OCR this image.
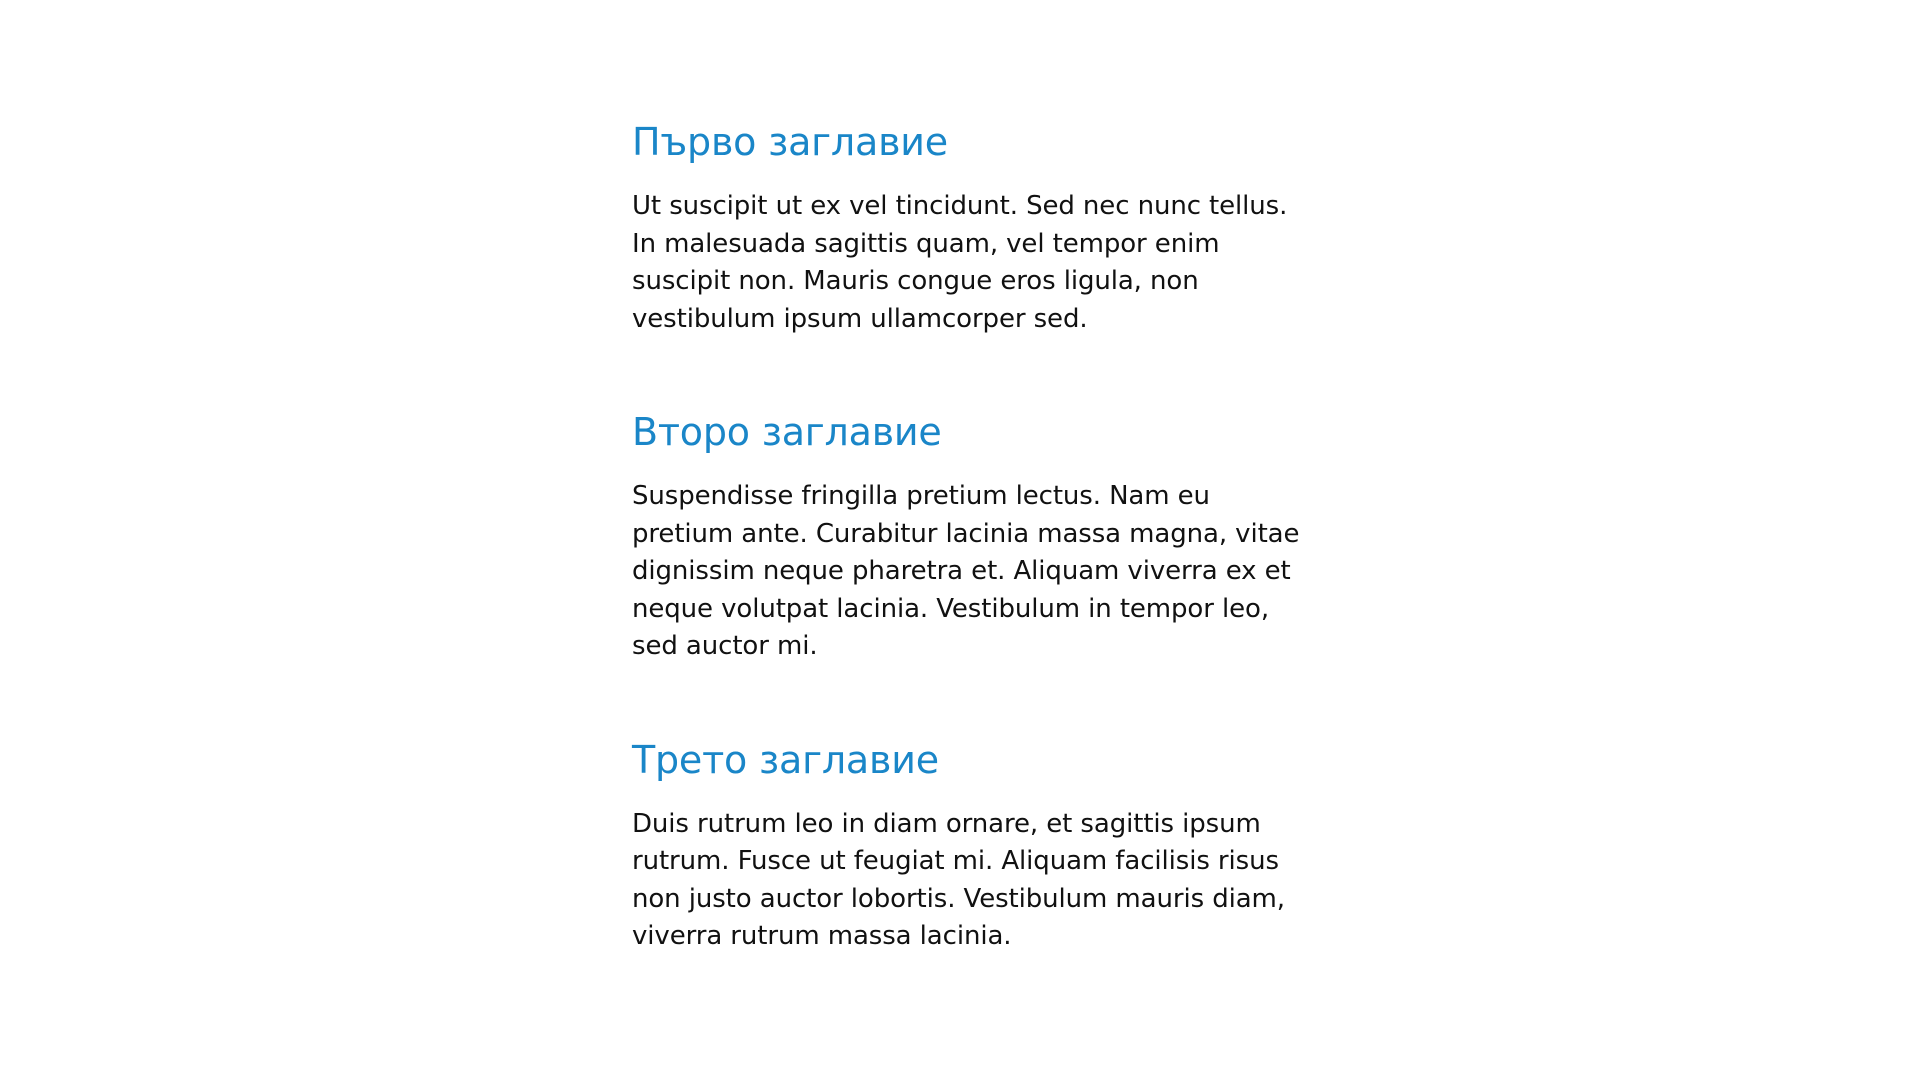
Първо заглавие

Ut suscipit ut ex vel tincidunt. Sed nec nunc tellus. In malesuada sagittis quam, vel tempor enim suscipit non. Mauris congue eros ligula, non vestibulum ipsum ullamcorper sed.

Второ заглавие

Suspendisse fringilla pretium lectus. Nam eu pretium ante. Curabitur lacinia massa magna, vitae dignissim neque pharetra et. Aliquam viverra ex et neque volutpat lacinia. Vestibulum in tempor leo, sed auctor mi.

Трето заглавие

Duis rutrum leo in diam ornare, et sagittis ipsum rutrum. Fusce ut feugiat mi. Aliquam facilisis risus non justo auctor lobortis. Vestibulum mauris diam, viverra rutrum massa lacinia.
